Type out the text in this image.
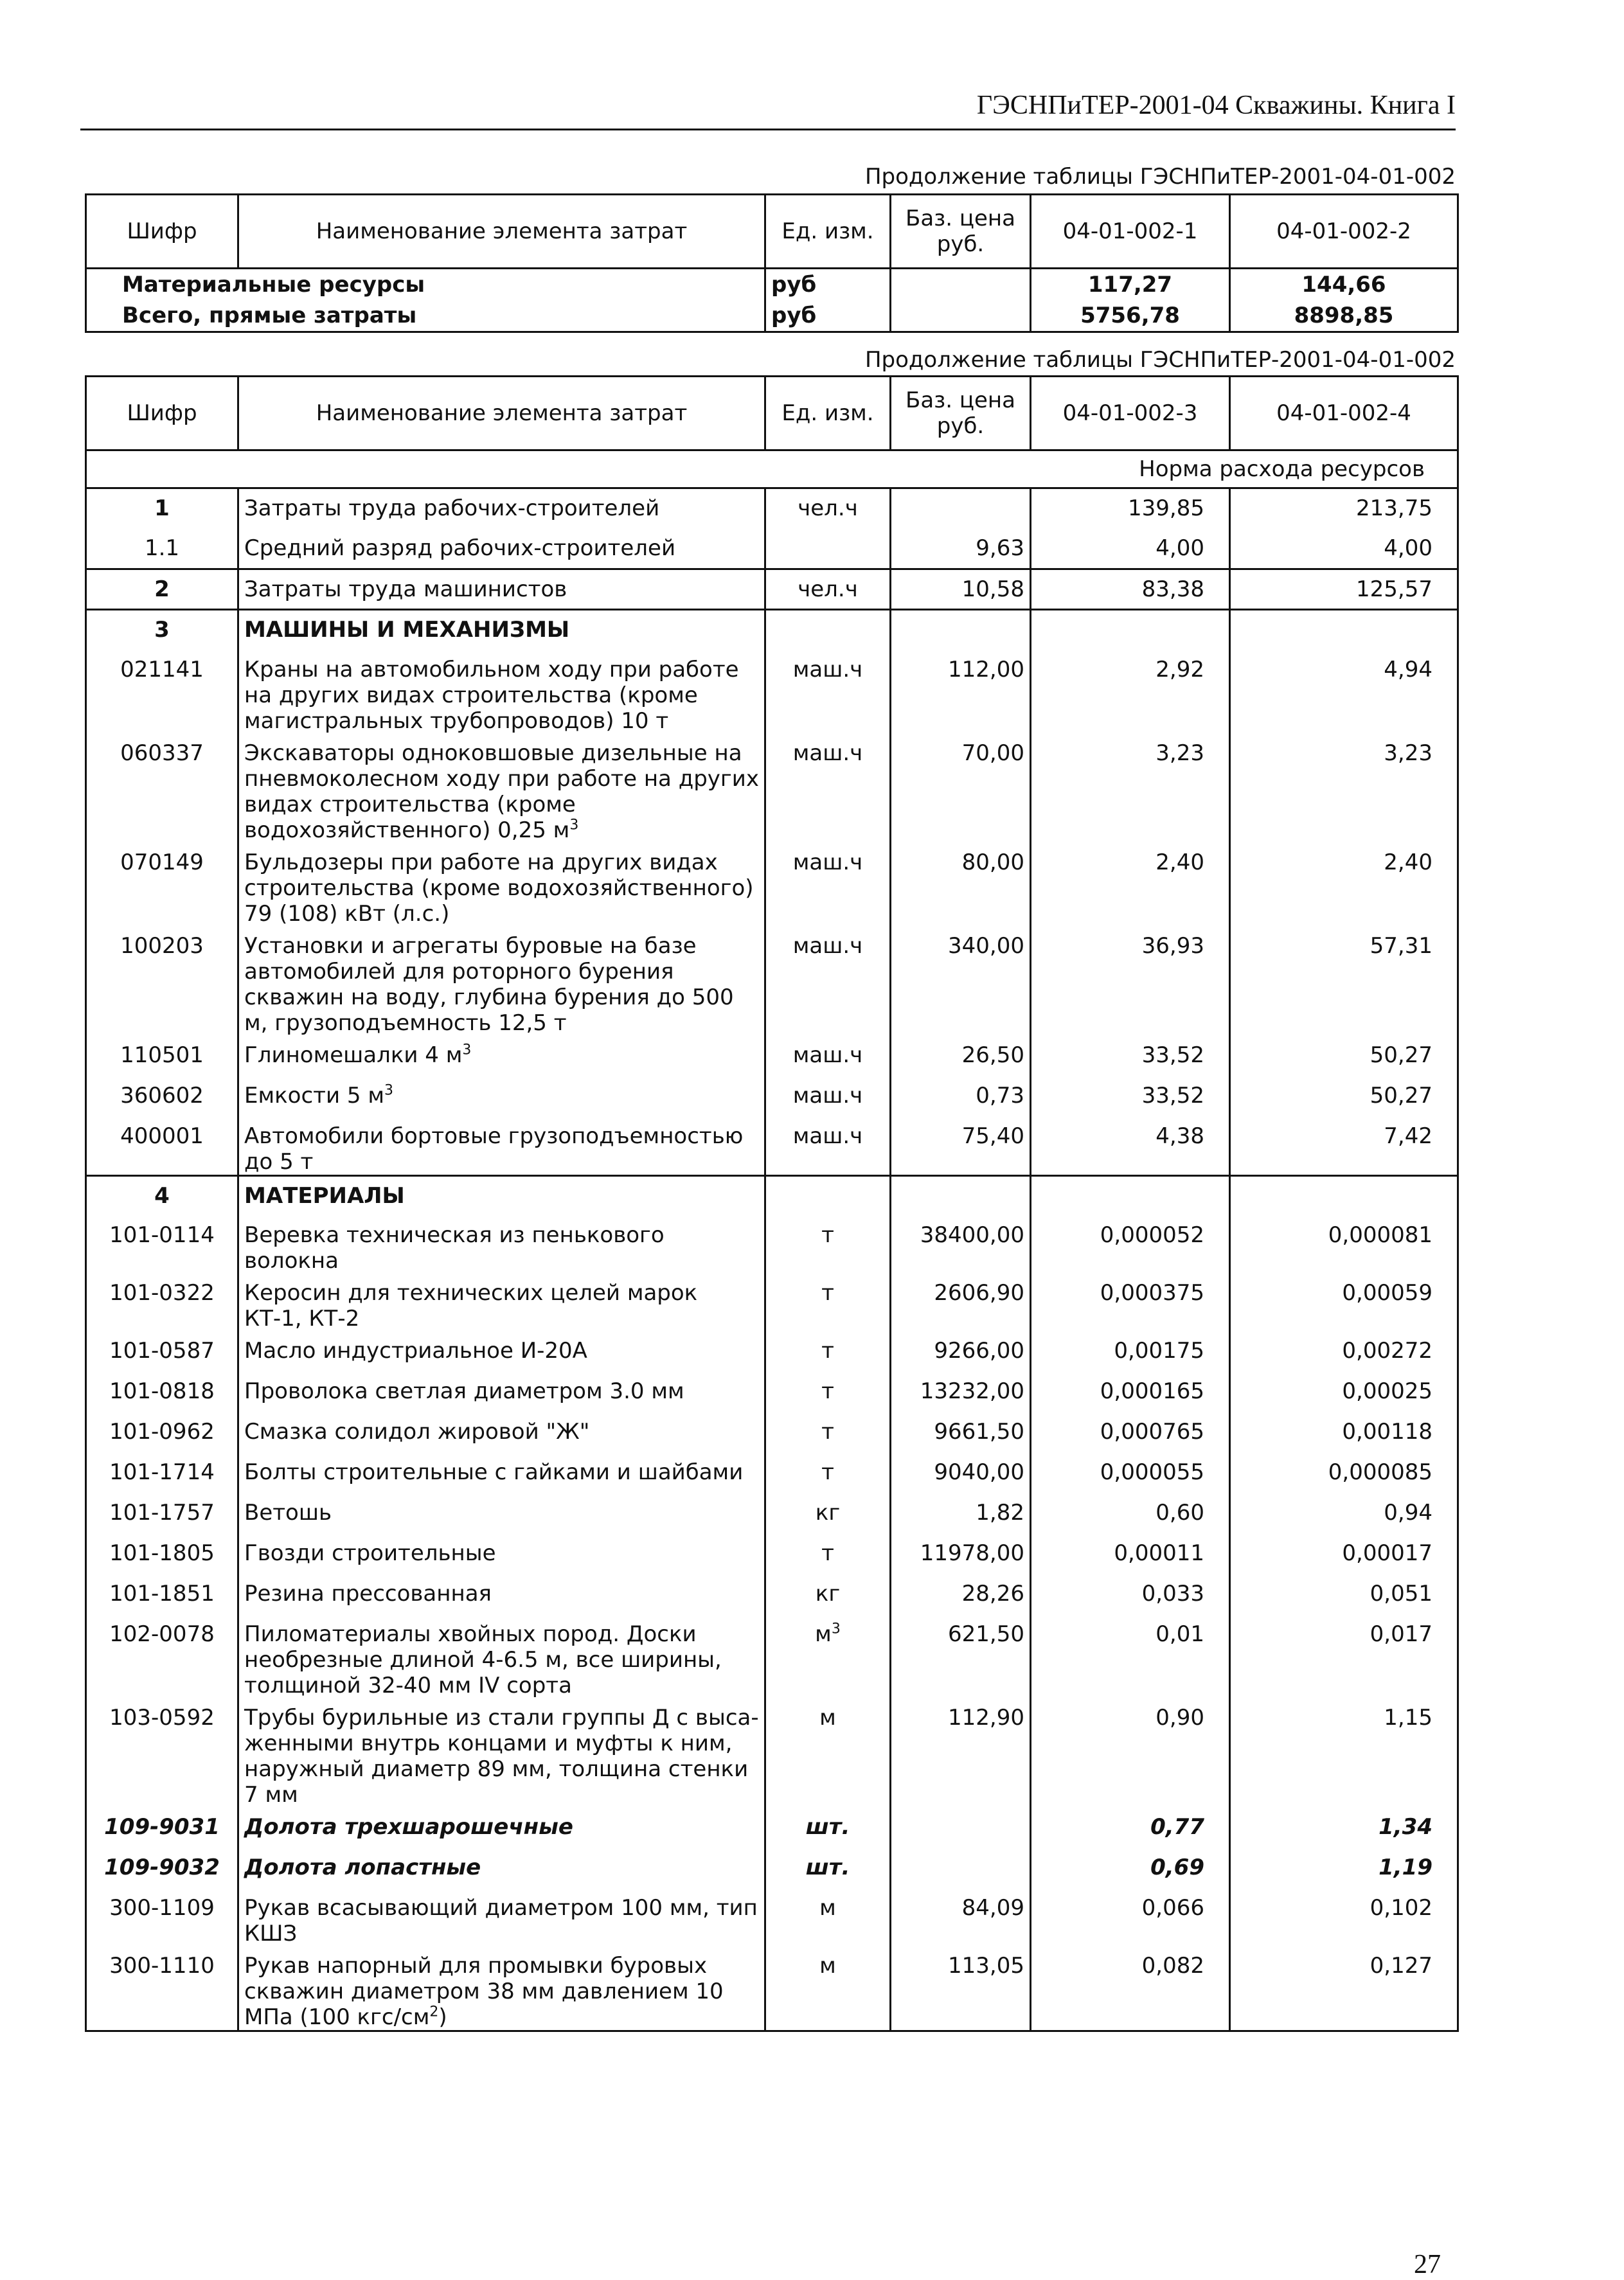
ГЭСНПиТЕР-2001-04 Скважины. Книга I
Продолжение таблицы ГЭСНПиТЕР-2001-04-01-002
Шифр	Наименование элемента затрат	Ед. изм.	Баз. цена руб.	04-01-002-1	04-01-002-2
Материальные ресурсы		руб		117,27	144,66
Всего, прямые затраты		руб		5756,78	8898,85
Продолжение таблицы ГЭСНПиТЕР-2001-04-01-002
Шифр	Наименование элемента затрат	Ед. изм.	Баз. цена руб.	04-01-002-3	04-01-002-4
Норма расхода ресурсов					
1	Затраты труда рабочих-строителей	чел.ч		139,85	213,75
1.1	Средний разряд рабочих-строителей		9,63	4,00	4,00
2	Затраты труда машинистов	чел.ч	10,58	83,38	125,57
3	МАШИНЫ И МЕХАНИЗМЫ				
021141	Краны на автомобильном ходу при работе на других видах строительства (кроме магистральных трубопроводов) 10 т	маш.ч	112,00	2,92	4,94
060337	Экскаваторы одноковшовые дизельные на пневмоколесном ходу при работе на других видах строительства (кроме водохозяйственного) 0,25 $м^3$	маш.ч	70,00	3,23	3,23
070149	Бульдозеры при работе на других видах строительства (кроме водохозяйственного) 79 (108) кВт (л.с.)	маш.ч	80,00	2,40	2,40
100203	Установки и агрегаты буровые на базе автомобилей для роторного бурения скважин на воду, глубина бурения до 500 м, грузоподъемность 12,5 т	маш.ч	340,00	36,93	57,31
110501	Глиномешалки 4 $м^3$	маш.ч	26,50	33,52	50,27
360602	Емкости 5 $м^3$	маш.ч	0,73	33,52	50,27
400001	Автомобили бортовые грузоподъемностью до 5 т	маш.ч	75,40	4,38	7,42
4	МАТЕРИАЛЫ				
101-0114	Веревка техническая из пенькового волокна	т	38400,00	0,000052	0,000081
101-0322	Керосин для технических целей марок КТ-1, КТ-2	т	2606,90	0,000375	0,00059
101-0587	Масло индустриальное И-20А	т	9266,00	0,00175	0,00272
101-0818	Проволока светлая диаметром 3.0 мм	т	13232,00	0,000165	0,00025
101-0962	Смазка солидол жировой "Ж"	т	9661,50	0,000765	0,00118
101-1714	Болты строительные с гайками и шайбами	т	9040,00	0,000055	0,000085
101-1757	Ветошь	кг	1,82	0,60	0,94
101-1805	Гвозди строительные	т	11978,00	0,00011	0,00017
101-1851	Резина прессованная	кг	28,26	0,033	0,051
102-0078	Пиломатериалы хвойных пород. Доски необрезные длиной 4-6.5 м, все ширины, толщиной 32-40 мм IV сорта	$м^3$	621,50	0,01	0,017
103-0592	Трубы бурильные из стали группы Д с выса-женными внутрь концами и муфты к ним, наружный диаметр 89 мм, толщина стенки 7 мм	м	112,90	0,90	1,15
109-9031	Долота трехшарошечные	шт.		0,77	1,34
109-9032	Долота лопастные	шт.		0,69	1,19
300-1109	Рукав всасывающий диаметром 100 мм, тип КШЗ	м	84,09	0,066	0,102
300-1110	Рукав напорный для промывки буровых скважин диаметром 38 мм давлением 10 МПа (100 кгс/$см^2$)	м	113,05	0,082	0,127
27
